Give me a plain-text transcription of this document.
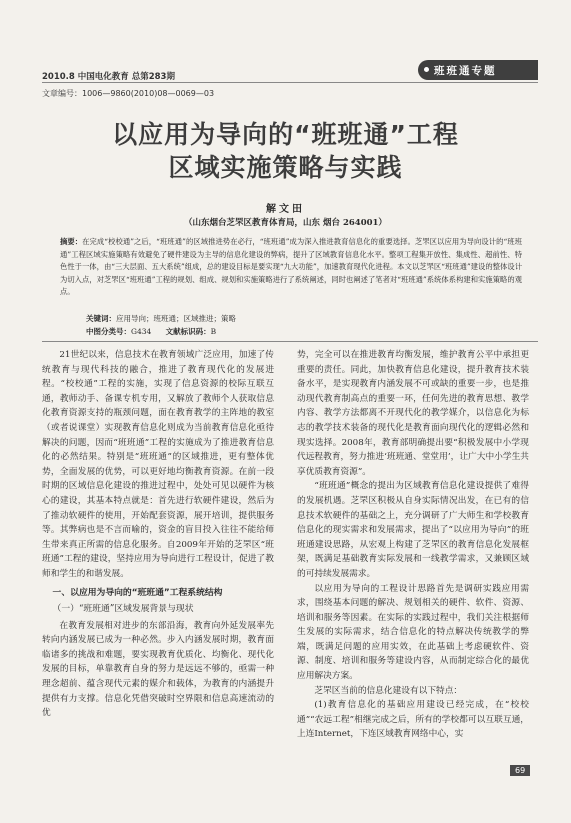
2010.8 中国电化教育 总第283期
班班通专题
文章编号：1006—9860(2010)08—0069—03
以应用为导向的“班班通”工程
区域实施策略与实践
解文田
（山东烟台芝罘区教育体育局，山东 烟台 264001）
摘要：在完成“校校通”之后，“班班通”的区域推进势在必行，“班班通”成为深入推进教育信息化的重要选择。芝罘区以应用为导向设计的“班班通”工程区域实施策略有效避免了硬件建设为主导的信息化建设的弊病，提升了区域教育信息化水平。整项工程集开放性、集成性、超前性、特色性于一体，由“三大层面、五大系统”组成，总的建设目标是要实现“九大功能”，加速教育现代化进程。本文以芝罘区“班班通”建设的整体设计为切入点，对芝罘区“班班通”工程的规划、组成、规划和实施策略进行了系统阐述，同时也阐述了笔者对“班班通”系统体系构建和实施策略的观点。
关键词：应用导向；班班通；区域推进；策略
中图分类号：G434 文献标识码：B

21世纪以来，信息技术在教育领域广泛应用，加速了传统教育与现代科技的融合，推进了教育现代化的发展进程。“校校通”工程的实施，实现了信息资源的校际互联互通，教师动手、备课专机专用，又解放了教师个人获取信息化教育资源支持的瓶颈问题，面在教育教学的主阵地的教室（或者说课堂）实现教育信息化则成为当前教育信息化亟待解决的问题，因而“班班通”工程的实施成为了推进教育信息化的必然结果。特别是“班班通”的区域推进，更有整体优势，全面发展的优势，可以更好地均衡教育资源。在前一段时期的区域信息化建设的推进过程中，处处可见以硬件为核心的建设，其基本特点就是：首先进行软硬件建设，然后为了推动软硬件的使用，开始配套资源，展开培训，提供服务等。其弊病也是不言而喻的，资金的盲目投入往往不能给师生带来真正所需的信息化服务。自2009年开始的芝罘区“班班通”工程的建设，坚持应用为导向进行工程设计，促进了教师和学生的和谐发展。

一、以应用为导向的“班班通”工程系统结构

（一）“班班通”区域发展背景与现状

在教育发展相对进步的东部沿海，教育向外延发展率先转向内涵发展已成为一种必然。步入内涵发展时期，教育面临诸多的挑战和难题，要实现教育优质化、均衡化、现代化发展的目标，单靠教育自身的努力是远远不够的，亟需一种理念超前、蕴含现代元素的媒介和载体，为教育的内涵提升提供有力支撑。信息化凭借突破时空界限和信息高速流动的优

势，完全可以在推进教育均衡发展，维护教育公平中承担更重要的责任。同此，加快教育信息化建设，提升教育技术装备水平，是实现教育内涵发展不可或缺的重要一步，也是推动现代教育制高点的重要一环，任何先进的教育思想、教学内容、教学方法都离不开现代化的教学媒介，以信息化为标志的教学技术装备的现代化是教育面向现代化的逻辑必然和现实选择。2008年，教育部明确提出要“积极发展中小学现代远程教育，努力推进‘班班通、堂堂用’，让广大中小学生共享优质教育资源”。

“班班通”概念的提出为区域教育信息化建设提供了难得的发展机遇。芝罘区积极从自身实际情况出发，在已有的信息技术软硬件的基础之上，充分调研了广大师生和学校教育信息化的现实需求和发展需求，提出了“以应用为导向”的班班通建设思路，从宏观上构建了芝罘区的教育信息化发展框架，既满足基础教育实际发展和一线教学需求，又兼顾区域的可持续发展需求。

以应用为导向的工程设计思路首先是调研实践应用需求，围绕基本问题的解决、规划相关的硬件、软件、资源、培训和服务等因素。在实际的实践过程中，我们关注根据师生发展的实际需求，结合信息化的特点解决传统教学的弊端，既满足问题的应用实效，在此基础上考虑硬软件、资源、制度、培训和服务等建设内容，从而制定综合化的最优应用解决方案。

芝罘区当前的信息化建设有以下特点：

(1)教育信息化的基础应用建设已经完成，在“校校通”“农远工程”相继完成之后，所有的学校都可以互联互通，上连Internet，下连区域教育网络中心，实

69
